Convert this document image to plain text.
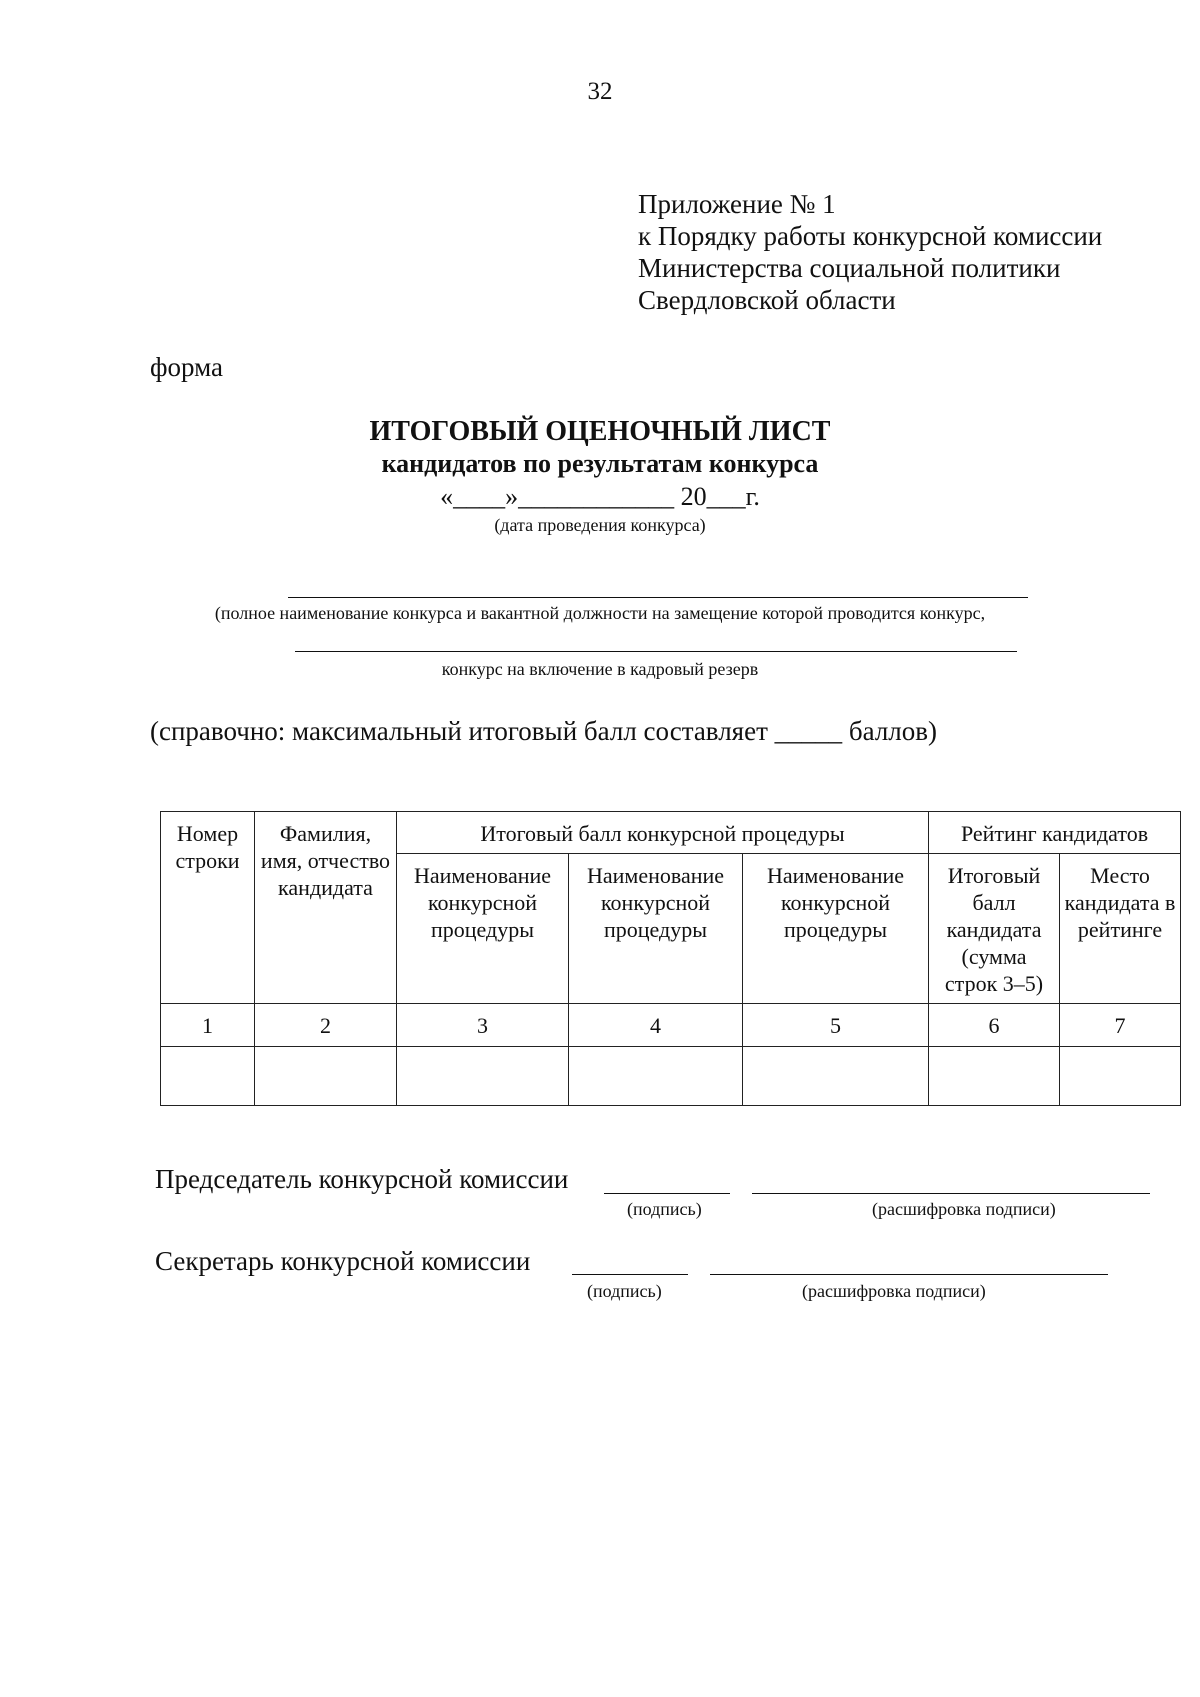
32
Приложение № 1
к Порядку работы конкурсной комиссии
Министерства социальной политики
Свердловской области
форма
ИТОГОВЫЙ ОЦЕНОЧНЫЙ ЛИСТ
кандидатов по результатам конкурса
«____»____________ 20___г.
(дата проведения конкурса)
(полное наименование конкурса и вакантной должности на замещение которой проводится конкурс,
конкурс на включение в кадровый резерв
(справочно: максимальный итоговый балл составляет _____ баллов)
Номер строки	Фамилия, имя, отчество кандидата	Итоговый балл конкурсной процедуры			Рейтинг кандидатов	
		Наименование конкурсной процедуры	Наименование конкурсной процедуры	Наименование конкурсной процедуры	Итоговый балл кандидата (сумма строк 3–5)	Место кандидата в рейтинге
1	2	3	4	5	6	7

Председатель конкурсной комиссии
(подпись)	(расшифровка подписи)
Секретарь конкурсной комиссии
(подпись)	(расшифровка подписи)
